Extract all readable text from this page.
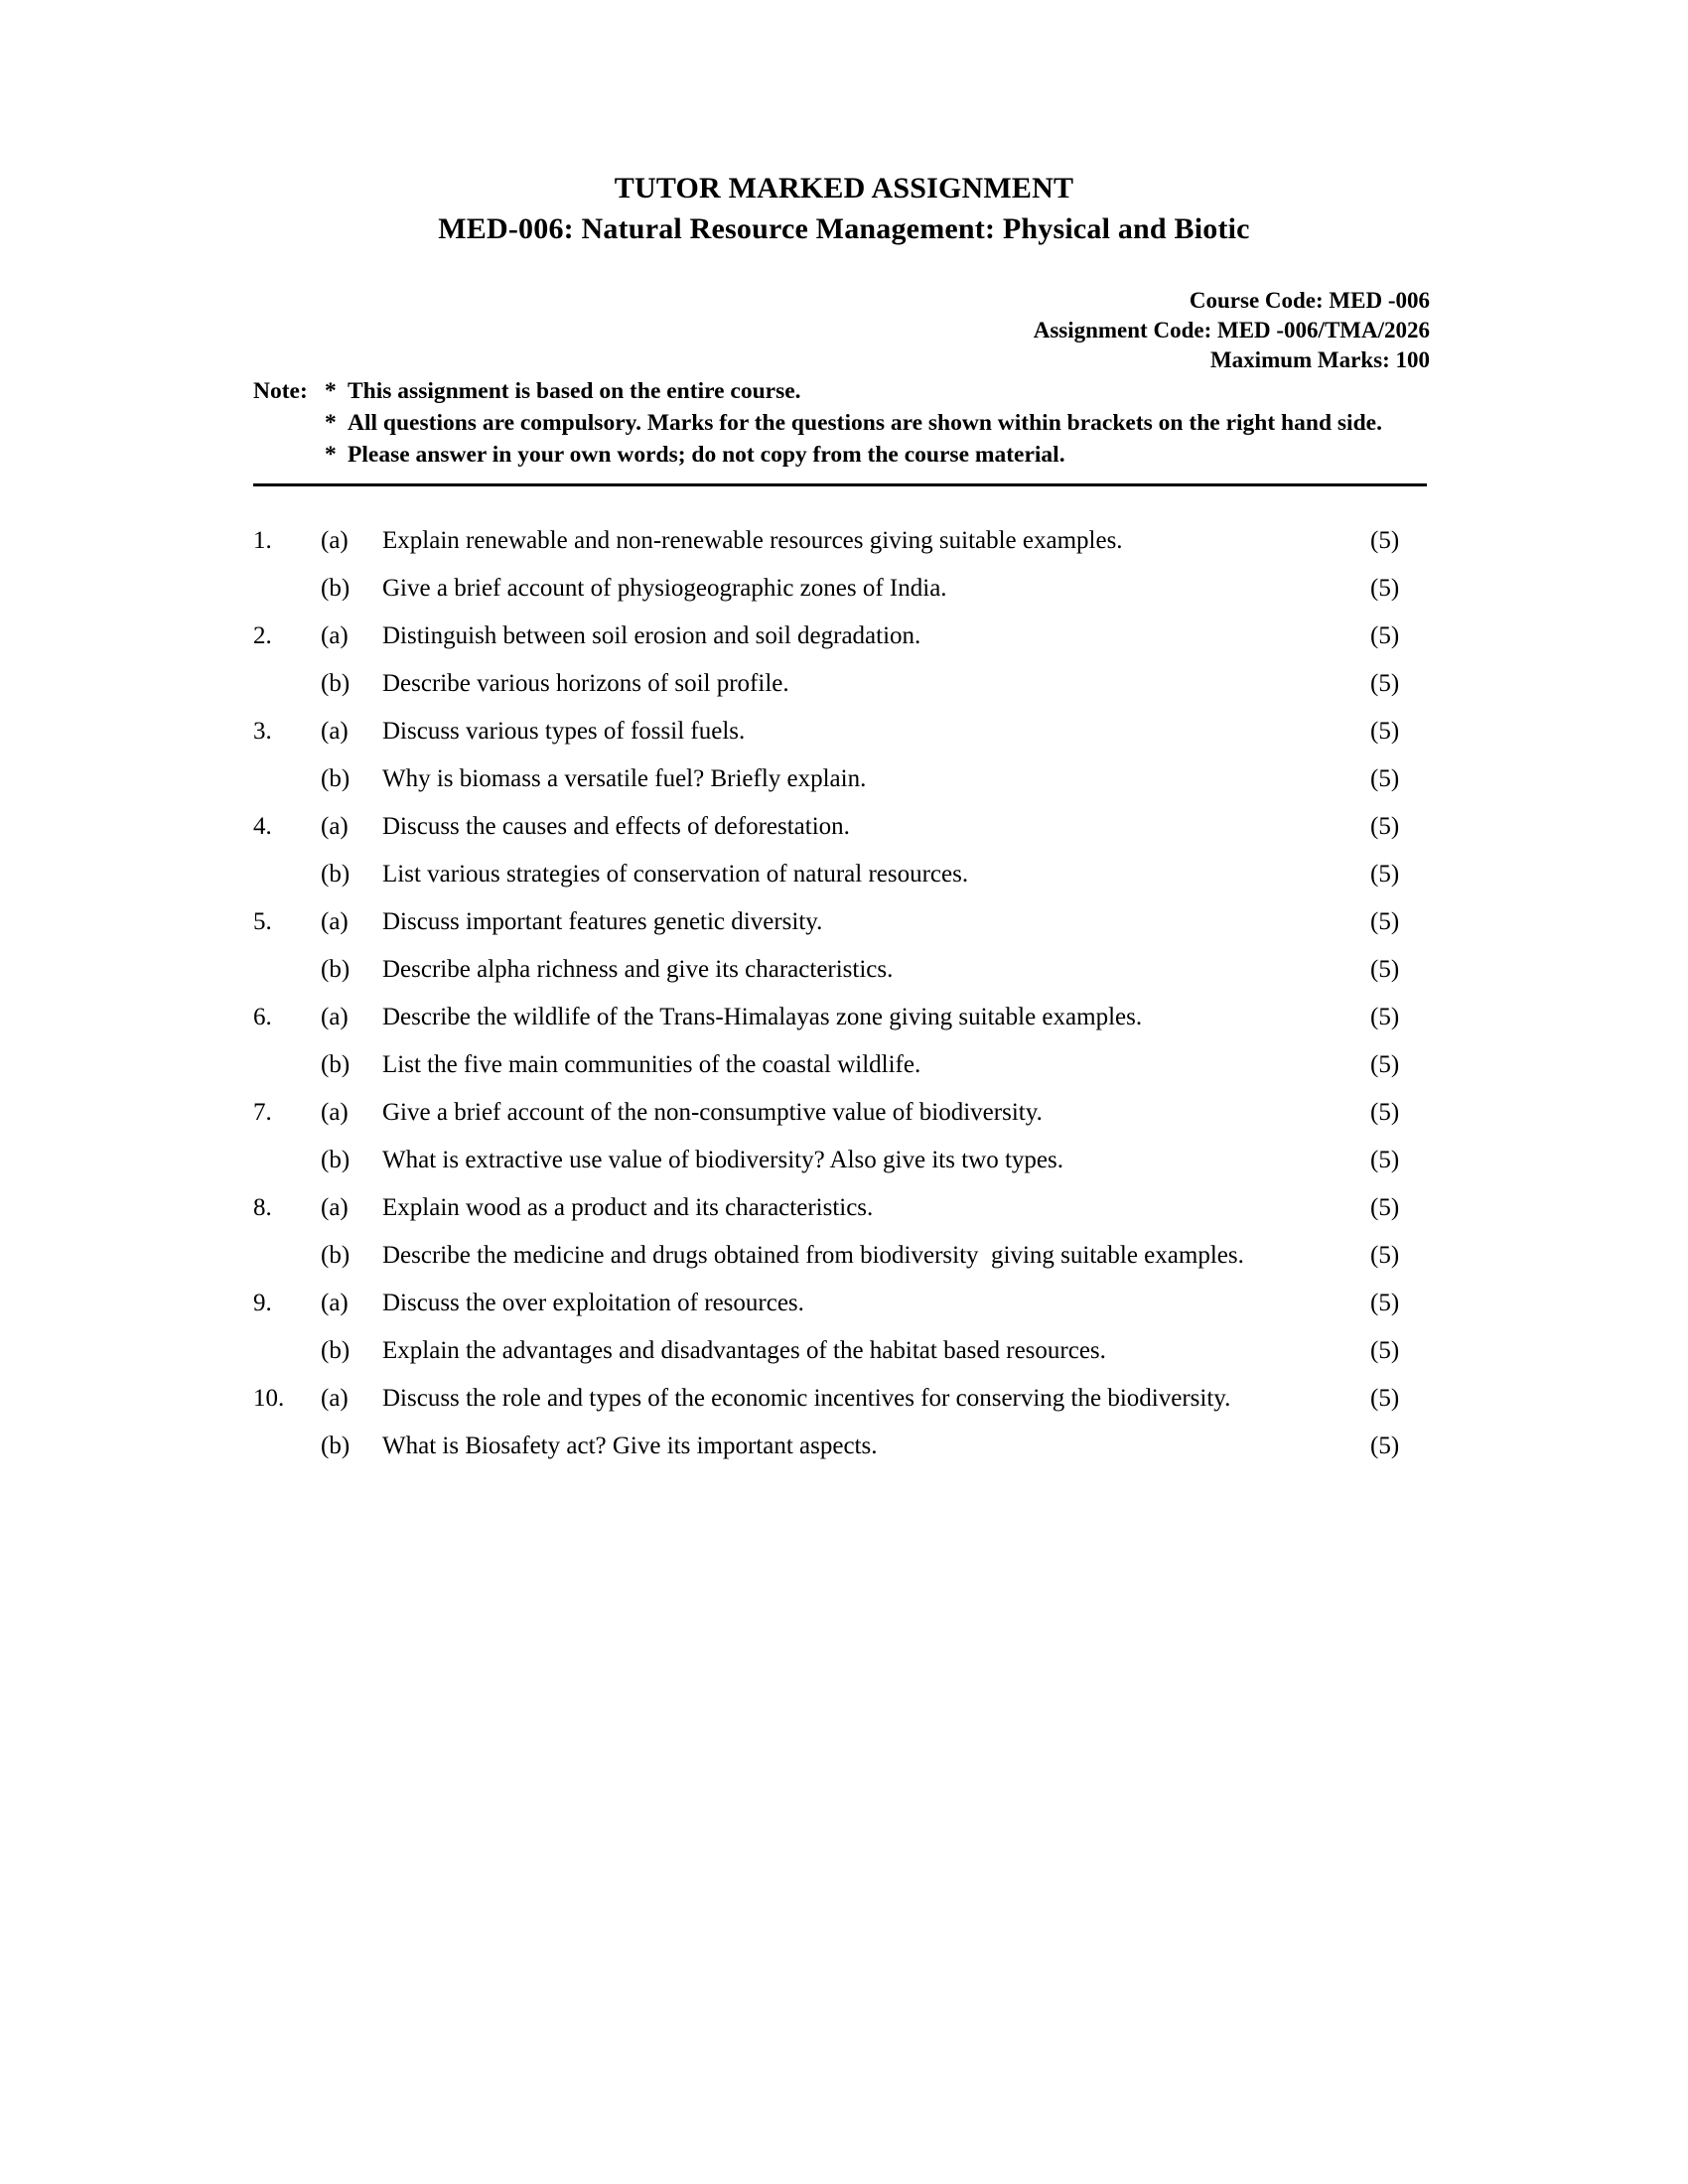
TUTOR MARKED ASSIGNMENT
MED-006: Natural Resource Management: Physical and Biotic
Course Code: MED -006
Assignment Code: MED -006/TMA/2026
Maximum Marks: 100
Note: * This assignment is based on the entire course.
* All questions are compulsory. Marks for the questions are shown within brackets on the right hand side.
* Please answer in your own words; do not copy from the course material.
1.	(a)	Explain renewable and non-renewable resources giving suitable examples.	(5)
(b)	Give a brief account of physiogeographic zones of India.	(5)
2.	(a)	Distinguish between soil erosion and soil degradation.	(5)
(b)	Describe various horizons of soil profile.	(5)
3.	(a)	Discuss various types of fossil fuels.	(5)
(b)	Why is biomass a versatile fuel? Briefly explain.	(5)
4.	(a)	Discuss the causes and effects of deforestation.	(5)
(b)	List various strategies of conservation of natural resources.	(5)
5.	(a)	Discuss important features genetic diversity.	(5)
(b)	Describe alpha richness and give its characteristics.	(5)
6.	(a)	Describe the wildlife of the Trans-Himalayas zone giving suitable examples.	(5)
(b)	List the five main communities of the coastal wildlife.	(5)
7.	(a)	Give a brief account of the non-consumptive value of biodiversity.	(5)
(b)	What is extractive use value of biodiversity? Also give its two types.	(5)
8.	(a)	Explain wood as a product and its characteristics.	(5)
(b)	Describe the medicine and drugs obtained from biodiversity  giving suitable examples.	(5)
9.	(a)	Discuss the over exploitation of resources.	(5)
(b)	Explain the advantages and disadvantages of the habitat based resources.	(5)
10.	(a)	Discuss the role and types of the economic incentives for conserving the biodiversity.	(5)
(b)	What is Biosafety act? Give its important aspects.	(5)
